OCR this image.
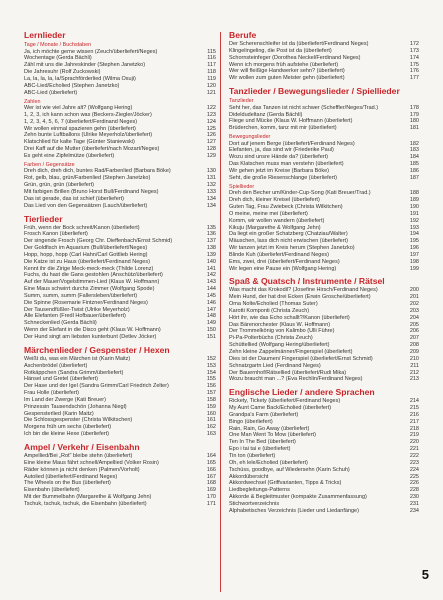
Lernlieder
Tage / Monate / Buchstaben
Ja, ich möchte gerne wissen (Zeuch/überliefert/Neges)	115
Wochentage (Gerda Bächli)	116
Zähl mit uns die Jahreskinder (Stephen Janetzko)	117
Die Jahresuhr (Rolf Zuckowski)	118
La, la, la, la, la/Sprachförderlied (Wilma Osuji)	119
ABC-Lied/Echolied (Stephen Janetzko)	120
ABC-Lied (überliefert)	121
Zahlen
Wer ist wie viel Jahre alt? (Wolfgang Hering)	122
1, 2, 3, ich kann schon was (Beckers-Ziegler/Jöcker)	123
1, 2, 3, 4, 5, 6, 7 (überliefert/Ferdinand Neges)	124
Wir wollen einmal spazieren gehn (überliefert)	125
Zehn bunte Luftballons (Ulrike Meyerholz/überliefert)	126
Klatschlied für kalte Tage (Günter Staniewski)	127
Drei Kaff auf die Mutter (überliefert/nach Mozart/Neges)	128
Es geht eine Zipfelmütze (überliefert)	129
Farben / Gegensätze
Dreh dich, dreh dich, buntes Rad/Farbenlied (Barbara Böke)	130
Rot, gelb, blau, grün/Farbenlied (Stephen Janetzko)	131
Grün, grün, grün (überliefert)	132
Mit farbigen Brillen (Bruno Horst Bull/Ferdinand Neges)	133
Das ist gerade, das ist schief (überliefert)	134
Das Lied von den Gegensätzen (Lauch/überliefert)	134
Tierlieder
Früh, wenn der Bock schreit/Kanon (überliefert)	135
Frosch Kanon (überliefert)	136
Der singende Frosch (Georg Chr. Dieffenbach/Ernst Schmid)	137
Der Goldfisch im Aquarium (Bull/überliefert/Neges)	138
Hopp, hopp, hopp (Carl Hahn/Carl Gottlieb Hering)	139
Die Katze ist zu Haus (überliefert/Ferdinand Neges)	140
Kennt ihr die Zirige Meck-meck-meck (Thilde Lorenz)	141
Fuchs, du hast die Gans gestohlen (Anschütz/überliefert)	142
Auf der Mauer/Vogelstimmen-Lied (Klaus W. Hoffmann)	143
Eine Maus schwirrt durchs Zimmer (Wolfgang Spode)	144
Summ, summ, summ (Fallersleben/überliefert)	145
Die Spinne (Rosemarie Fintzner/Ferdinand Neges)	146
Der Tausendfüßler-Twist (Ulrike Meyerholz)	147
Alle Elefanten (Fredl Hofbauer/überliefert)	148
Schneckenlied (Gerda Bächli)	149
Wenn der Elefant in die Disco geht (Klaus W. Hoffmann)	150
Der Hund singt am liebsten kunterbunt (Detlev Jöcker)	151
Märchenlieder / Gespenster / Hexen
Weißt du, was ein Märchen ist (Karin Maitz)	152
Aschenbrödel (überliefert)	153
Rotkäppchen (Sandra Grimm/überliefert)	154
Hänsel und Gretel (überliefert)	155
Der Hase und der Igel (Sandra Grimm/Carl Friedrich Zelter)	156
Frau Holle (überliefert)	157
Im Land der Zwerge (Kati Breuer)	158
Prinzessin Tausendschön (Johanna Niegl)	159
Gespensterlied (Karin Maitz)	160
Die Schlossgespenster (Christa Wilkitschen)	161
Morgens früh um sechs (überliefert)	162
Ich bin die kleine Hexe (überliefert)	163
Ampel / Verkehr / Eisenbahn
Ampellied/Bei „Rot" bleibe stehn (überliefert)	164
Eine kleine Maus fährt schnell/Ampellied (Volker Rosin)	165
Räder können ja nicht denken (Palmen/Vorholt)	166
Autolied (überliefert/Ferdinand Neges)	167
The Wheels on the Bus (überliefert)	168
Eisenbahn (überliefert)	169
Mit der Bummelbahn (Margarethe & Wolfgang Jehn)	170
Tschuk, tschuk, tschuk, die Eisenbahn (überliefert)	171
Berufe
Der Scherenschleifer ist da (überliefert/Ferdinand Neges)	172
Klingelingeling, die Post ist da (überliefert)	173
Schornsteinfeger (Dorothea Neckel/Ferdinand Neges)	174
Wenn ich morgens früh aufstehe (überliefert)	175
Wer will fleißige Handwerker sehn? (überliefert)	176
Wir wollen zum guten Meister gehn (überliefert)	177
Tanzlieder / Bewegungslieder / Spiellieder
Tanzlieder
Seht her, das Tanzen ist nicht schwer (Scheffler/Neges/Trad.)	178
Dideldudeltanz (Gerda Bächli)	179
Fliege und Mücke (Klaus W. Hoffmann (überliefert)	180
Brüderchen, komm, tanz mit mir (überliefert)	181
Bewegungslieder
Dort auf jenem Berge (überliefert/Ferdinand Neges)	182
Elefanten, ja, das sind wir (Friederike Paul)	183
Wozu sind unsre Hände da? (überliefert)	184
Das Klatschen muss man verstehn (überliefert)	185
Wir gehen jetzt im Kreise (Barbara Böke)	186
Seht, die große Riesenschlange (überliefert)	187
Spiellieder
Dreh den Becher um/Kinder-Cup-Song (Kati Breuer/Trad.)	188
Dreh dich, kleiner Kreisel (überliefert)	189
Guten Tag, Frau Zwiebeck (Christa Wilkitchen)	190
O meine, meine mei (überliefert)	191
Komm, wir wollen wandern (überliefert)	192
Kikuju (Margarethe & Wolfgang Jehn)	193
Da liegt ein großer Schatzberg (Chatziau/Walter)	194
Mäuschen, lass dich nicht erwischen (überliefert)	195
Wir tanzen jetzt im Kreis herum (Stephen Janetzko)	196
Blinde Kuh (überliefert/Ferdinand Neges)	197
Ems, zwei, drei (überliefert/Ferdinand Neges)	198
Wir legen eine Pause ein (Wolfgang Hering)	199
Spaß & Quatsch / Instrumente / Rätsel
Was macht das Krokodil? (Josefine Hirsch/Ferdinand Neges)	200
Mein Hund, der hat drei Ecken (Erwin Grosche/überliefert)	201
Oma Nolte/Echolied (Thomas Suter)	202
Karotti Komponti (Christa Zeuch)	203
Hört ihr, wie das Echo schallt?/Kanon (überliefert)	204
Das Bärenorchester (Klaus W. Hoffmann)	205
Der Trommelkönig von Kalimbo (Ulli Führe)	206
Pi-Pa-Polterbüchs (Christa Zeuch)	207
Schüttellied (Wolfgang Hering/überliefert)	208
Zehn kleine Zappelmänner/Fingerspiel (überliefert)	209
Dies ist der Daumen/ Fingerspiel (überliefert/Ernst Schmid)	210
Schnatzgartn Lied (Ferdinand Neges)	211
Der Bauernhof/Rätsellied (überliefert/Rudi Mika)	212
Wozu braucht man ...? (Eva Rechlin/Ferdinand Neges)	213
Englische Lieder / andere Sprachen
Rickety, Tickety (überliefert/Ferdinand Neges)	214
My Aunt Came Back/Echolied (überliefert)	215
Grandpa's Farm (überliefert)	216
Bingo (überliefert)	217
Rain, Rain, Go Away (überliefert)	218
One Man Went To Mow (überliefert)	219
Ten In The Bed (überliefert)	220
Epo i tai tai e (überliefert)	221
Tin ton (überliefert)	222
Oh, eh lele/Echolied (überliefert)	223
Tschüss, goodbye, auf Wiedersehn (Karin Schuh)	224
Akkordübersicht	225
Akkordwechsel (Griffvarianten, Tipps & Tricks)	226
Liedbegleitungs-Patterns	228
Akkorde & Begleitmuster (kompakte Zusammenfassung)	230
Stichwortverzeichnis	231
Alphabetisches Verzeichnis (Lieder und Liedanfänge)	234
5
